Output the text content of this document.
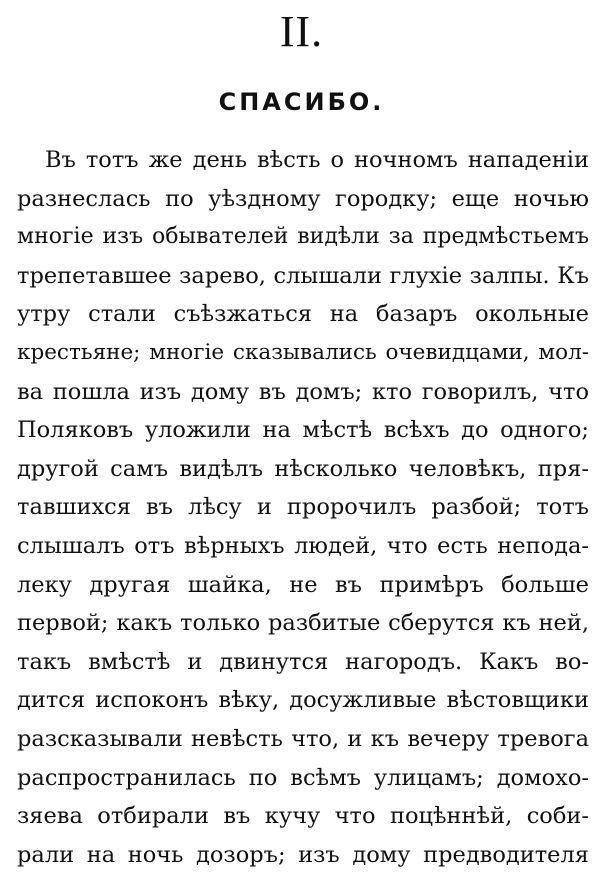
II.
СПАСИБО.
Въ тотъ же день вѣсть о ночномъ нападеніи
разнеслась по уѣздному городку; еще ночью
многіе изъ обывателей видѣли за предмѣстьемъ
трепетавшее зарево, слышали глухіе залпы. Къ
утру стали съѣзжаться на базаръ окольные
крестьяне; многіе сказывались очевидцами, мол-
ва пошла изъ дому въ домъ; кто говорилъ, что
Поляковъ уложили на мѣстѣ всѣхъ до одного;
другой самъ видѣлъ нѣсколько человѣкъ, пря-
тавшихся въ лѣсу и пророчилъ разбой; тотъ
слышалъ отъ вѣрныхъ людей, что есть неподa-
леку другая шайка, не въ примѣръ больше
первой; какъ только разбитые сберутся къ ней,
такъ вмѣстѣ и двинутся нагородъ. Какъ во-
дится испоконъ вѣку, досужливые вѣстовщики
разсказывали невѣсть что, и къ вечеру тревога
распространилась по всѣмъ улицамъ; домохо-
зяева отбирали въ кучу что поцѣннѣй, соби-
рали на ночь дозоръ; изъ дому предводителя
